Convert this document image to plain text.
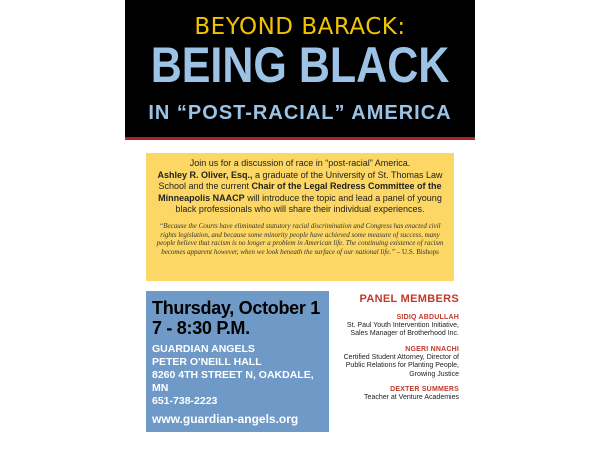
BEYOND BARACK:
BEING BLACK
IN “POST-RACIAL” AMERICA
Join us for a discussion of race in “post-racial” America.
Ashley R. Oliver, Esq., a graduate of the University of St. Thomas Law School and the current Chair of the Legal Redress Committee of the Minneapolis NAACP will introduce the topic and lead a panel of young black professionals who will share their individual experiences.
“Because the Courts have eliminated statutory racial discrimination and Congress has enacted civil rights legislation, and because some minority people have achieved some measure of success, many people believe that racism is no longer a problem in American life. The continuing existence of racism becomes apparent however, when we look beneath the surface of our national life.” – U.S. Bishops
Thursday, October 1
7 - 8:30 P.M.
GUARDIAN ANGELS
PETER O'NEILL HALL
8260 4TH STREET N, OAKDALE, MN
651-738-2223
www.guardian-angels.org
PANEL MEMBERS
SIDIQ ABDULLAH
St. Paul Youth Intervention Initiative, Sales Manager of Brotherhood Inc.
NGERI NNACHI
Certified Student Attorney, Director of Public Relations for Planting People, Growing Justice
DEXTER SUMMERS
Teacher at Venture Academies
